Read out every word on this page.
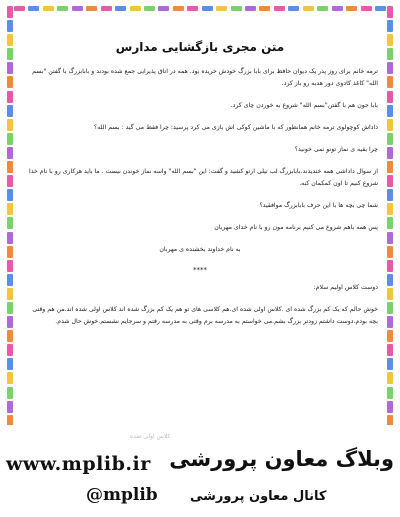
متن مجری بازگشایی مدارس
ترمه خانم برای روز پدر یک دیوان حافظ برای بابا بزرگ خودش خریده بود. همه در اتاق پذیرایی جمع شده بودند و بابابزرگ با گفتن "بسم الله" کاغذ کادوی دور هدیه رو باز کرد.
بابا جون هم با گفتن"بسم الله" شروع به خوردن چای کرد.
داداش کوچولوی ترمه خانم همانطور که با ماشین کوکی اش بازی می کرد پرسید: چرا فقط می گید : بسم الله؟
چرا بقیه ی نماز تونو نمی خونید؟
از سوال داداشی همه خندیدند.بابابزرگ لب نیلی ارتو کشید و گفت: این "بسم الله" واسه نماز خوندن نیست . ما باید هرکاری رو با نام خدا شروع کنیم تا اون کمکمان کنه.
شما چی بچه ها با این حرف بابابزرگ موافقید؟
پس همه باهم شروع می کنیم برنامه مون رو با نام خدای مهربان
به نام خداوند بخشنده ی مهربان
****
دوست کلاس اولیم سلام:
خوش حالم که یک کم بزرگ شده ای .کلاس اولی شده ای.هم کلاسی های تو هم یک کم بزرگ شده اند کلاس اولی شده اند.من هم وقتی بچه بودم.دوست داشتم زودتر بزرگ بشم.می خواستم به مدرسه برم وقتی به مدرسه رفتم و سرجایم نشستم.خوش حال شدم.
کلاس اولی شده
وبلاگ معاون پرورشی
www.mplib.ir
کانال معاون پرورشی
@mplib
